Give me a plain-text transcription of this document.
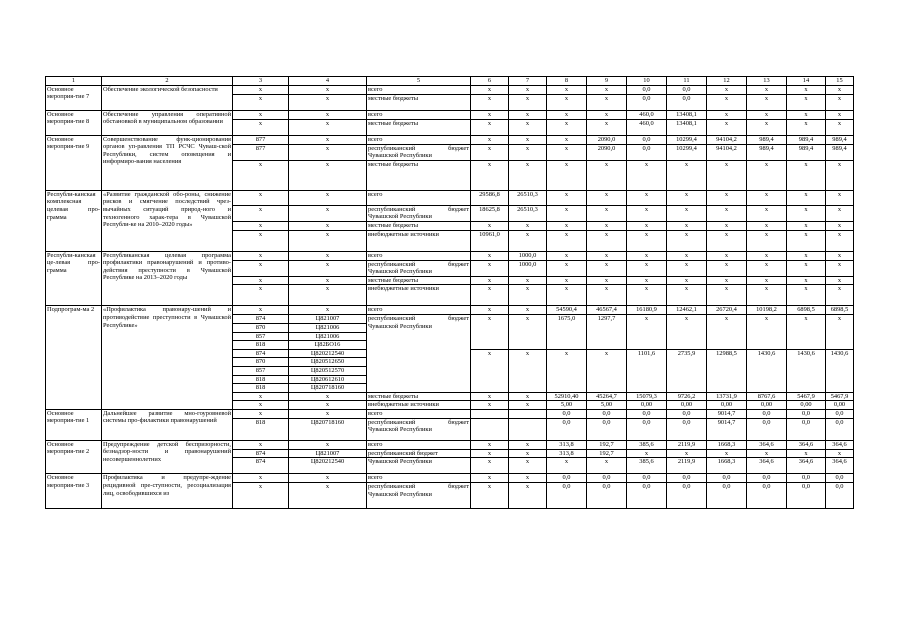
1	2	3	4	5	6	7	8	9	10	11	12	13	14	15
Основное мероприя-тие 7	Обеспечение экологической безопасности	x	x	всего	x	x	x	x	0,0	0,0	x	x	x	x
		x	x	местные бюджеты	x	x	x	x	0,0	0,0	x	x	x	x
Основное мероприя-тие 8	Обеспечение управления оперативной обстановкой в муниципальном образовании	x	x	всего	x	x	x	x	460,0	13408,1	x	x	x	x
		x	x	местные бюджеты	x	x	x	x	460,0	13408,1	x	x	x	x
Основное мероприя-тие 9	Совершенствование функ-ционирования органов уп-равления ТП РСЧС Чуваш-ской Республики, систем оповещения и информиро-вания населения	877	x	всего	x	x	x	2090,0	0,0	10299,4	94104,2	989,4	989,4	989,4
		877	x	республиканский бюджет Чувашской Республики	x	x	x	2090,0	0,0	10299,4	94104,2	989,4	989,4	989,4
		x	x	местные бюджеты	x	x	x	x	x	x	x	x	x	x
Республи-канская комплексная целевая про-грамма	«Развитие гражданской обо-роны, снижение рисков и смягчение последствий чрез-вычайных ситуаций природ-ного и техногенного харак-тера в Чувашской Республи-ке на 2010–2020 годы»	x	x	всего	29586,8	26510,3	x	x	x	x	x	x	x	x
		x	x	республиканский бюджет Чувашской Республики	18625,8	26510,3	x	x	x	x	x	x	x	x
		x	x	местные бюджеты	x	x	x	x	x	x	x	x	x	x
		x	x	внебюджетные источники	10961,0	x	x	x	x	x	x	x	x	x
Республи-канская це-левая про-грамма	Республиканская целевая программа профилактики правонарушений и противо-действия преступности в Чувашской Республике на 2013–2020 годы	x	x	всего	x	1000,0	x	x	x	x	x	x	x	x
		x	x	республиканский бюджет Чувашской Республики	x	1000,0	x	x	x	x	x	x	x	x
		x	x	местные бюджеты	x	x	x	x	x	x	x	x	x	x
		x	x	внебюджетные источники	x	x	x	x	x	x	x	x	x	x
Подпрограм-ма 2	«Профилактика правонару-шений и противодействие преступности в Чувашской Республике»	x	x	всего	x	x	54590,4	46567,4	16180,9	12462,1	26720,4	10198,2	6898,5	6898,5
		874	Ц821007	республиканский бюджет Чувашской Республики	x	x	1675,0	1297,7	x	x	x	x	x	x
		870	Ц821006											
		857	Ц821006											
		818	Ц82БО16											
		874	Ц820212540		x	x	x	x	1101,6	2735,9	12988,5	1430,6	1430,6	1430,6
		870	Ц820512650											
		857	Ц820512570											
		818	Ц820612610											
		818	Ц820718160											
		x	x	местные бюджеты	x	x	52910,40	45264,7	15079,3	9726,2	13731,9	8767,6	5467,9	5467,9
		x	x	внебюджетные источники	x	x	5,00	5,00	0,00	0,00	0,00	0,00	0,00	0,00
Основное мероприя-тие 1	Дальнейшее развитие мно-гоуровневой системы про-филактики правонарушений	x	x	всего			0,0	0,0	0,0	0,0	9014,7	0,0	0,0	0,0
		818	Ц820718160	республиканский бюджет Чувашской Республики			0,0	0,0	0,0	0,0	9014,7	0,0	0,0	0,0
Основное мероприя-тие 2	Предупреждение детской беспризорности, безнадзор-ности и правонарушений несовершеннолетних	x	x	всего	x	x	313,8	192,7	385,6	2119,9	1668,3	364,6	364,6	364,6
		874	Ц821007	республиканский бюджет	x	x	313,8	192,7	x	x	x	x	x	x
		874	Ц820212540	Чувашской Республики	x	x	x	x	385,6	2119,9	1668,3	364,6	364,6	364,6
Основное мероприя-тие 3	Профилактика и предупре-ждение рецидивной пре-ступности, ресоциализация лиц, освободившихся из	x	x	всего	x	x	0,0	0,0	0,0	0,0	0,0	0,0	0,0	0,0
		x	x	республиканский бюджет Чувашской Республики	x	x	0,0	0,0	0,0	0,0	0,0	0,0	0,0	0,0
